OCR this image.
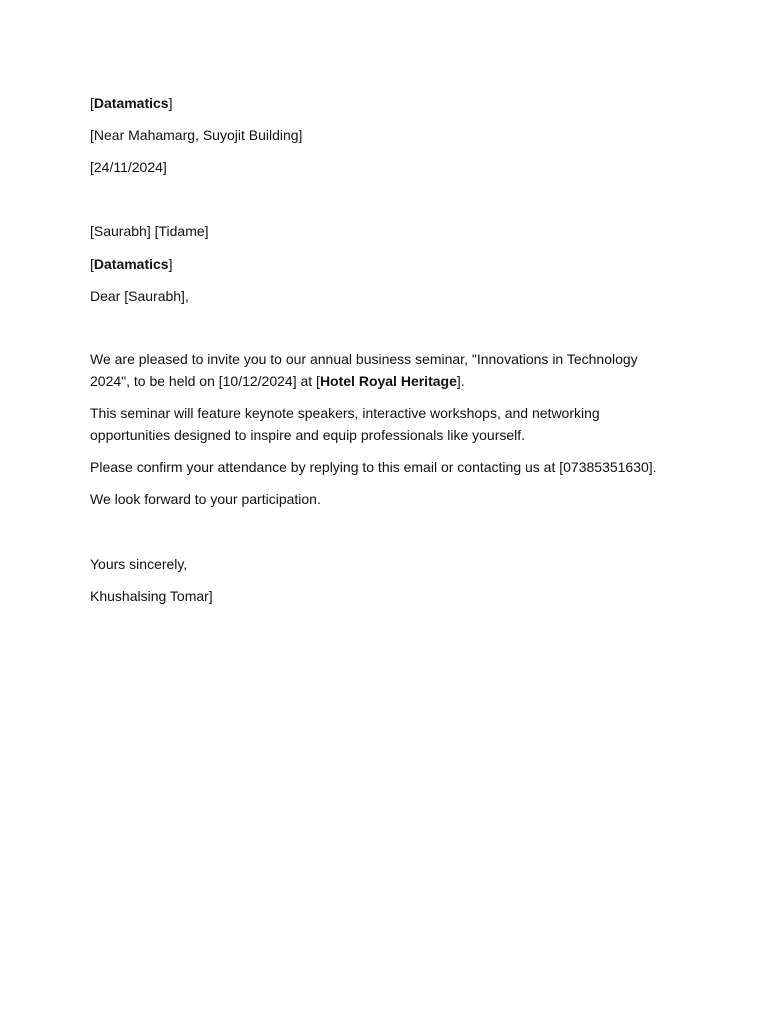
[Datamatics]

[Near Mahamarg, Suyojit Building]

[24/11/2024]

[Saurabh] [Tidame]

[Datamatics]

Dear [Saurabh],

We are pleased to invite you to our annual business seminar, "Innovations in Technology 2024", to be held on [10/12/2024] at [Hotel Royal Heritage].

This seminar will feature keynote speakers, interactive workshops, and networking opportunities designed to inspire and equip professionals like yourself.

Please confirm your attendance by replying to this email or contacting us at [07385351630].

We look forward to your participation.

Yours sincerely,

Khushalsing Tomar]
